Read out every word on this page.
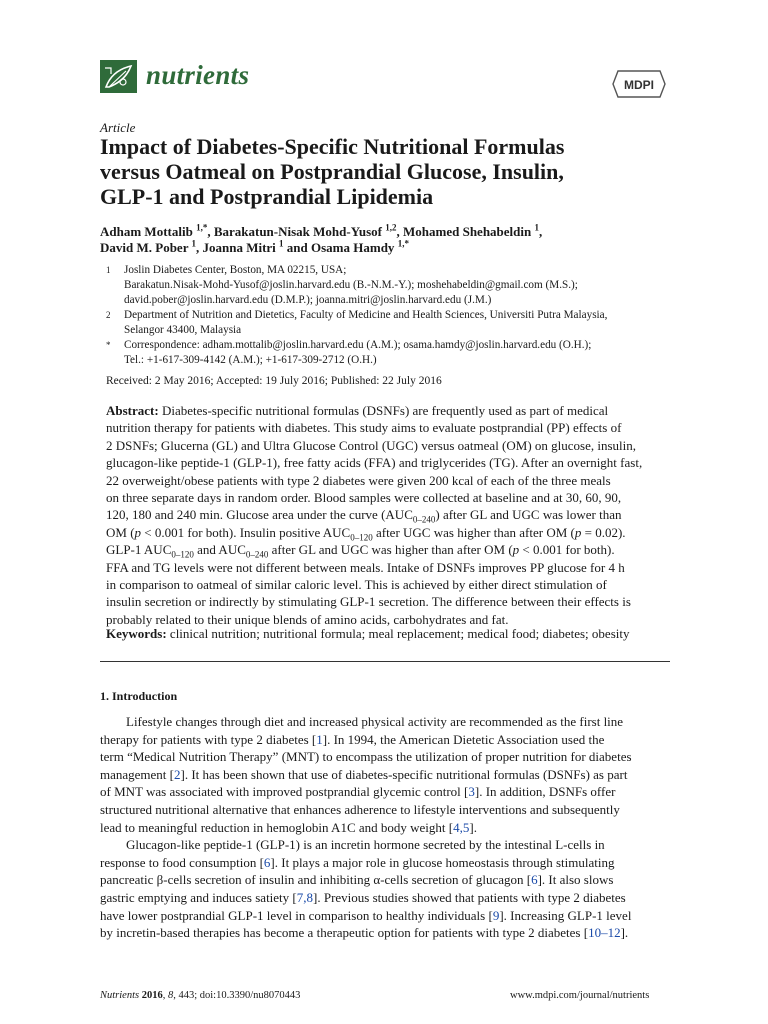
nutrients	MDPI
Article
Impact of Diabetes-Specific Nutritional Formulas
versus Oatmeal on Postprandial Glucose, Insulin,
GLP-1 and Postprandial Lipidemia
Adham Mottalib $^{1,*}$, Barakatun-Nisak Mohd-Yusof $^{1,2}$, Mohamed Shehabeldin $^1$,
David M. Pober $^1$, Joanna Mitri $^1$ and Osama Hamdy $^{1,*}$
1	Joslin Diabetes Center, Boston, MA 02215, USA;
Barakatun.Nisak-Mohd-Yusof@joslin.harvard.edu (B.-N.M.-Y.); moshehabeldin@gmail.com (M.S.);
david.pober@joslin.harvard.edu (D.M.P.); joanna.mitri@joslin.harvard.edu (J.M.)
2	Department of Nutrition and Dietetics, Faculty of Medicine and Health Sciences, Universiti Putra Malaysia,
Selangor 43400, Malaysia
*	Correspondence: adham.mottalib@joslin.harvard.edu (A.M.); osama.hamdy@joslin.harvard.edu (O.H.);
Tel.: +1-617-309-4142 (A.M.); +1-617-309-2712 (O.H.)
Received: 2 May 2016; Accepted: 19 July 2016; Published: 22 July 2016
Abstract: Diabetes-specific nutritional formulas (DSNFs) are frequently used as part of medical
nutrition therapy for patients with diabetes. This study aims to evaluate postprandial (PP) effects of
2 DSNFs; Glucerna (GL) and Ultra Glucose Control (UGC) versus oatmeal (OM) on glucose, insulin,
glucagon-like peptide-1 (GLP-1), free fatty acids (FFA) and triglycerides (TG). After an overnight fast,
22 overweight/obese patients with type 2 diabetes were given 200 kcal of each of the three meals
on three separate days in random order. Blood samples were collected at baseline and at 30, 60, 90,
120, 180 and 240 min. Glucose area under the curve $(AUC_{0-240})$ after GL and UGC was lower than
OM (p < 0.001 for both). Insulin positive $AUC_{0-120}$ after UGC was higher than after OM (p = 0.02).
GLP-1 $AUC_{0-120}$ and $AUC_{0-240}$ after GL and UGC was higher than after OM (p < 0.001 for both).
FFA and TG levels were not different between meals. Intake of DSNFs improves PP glucose for 4 h
in comparison to oatmeal of similar caloric level. This is achieved by either direct stimulation of
insulin secretion or indirectly by stimulating GLP-1 secretion. The difference between their effects is
probably related to their unique blends of amino acids, carbohydrates and fat.
Keywords: clinical nutrition; nutritional formula; meal replacement; medical food; diabetes; obesity
1. Introduction
Lifestyle changes through diet and increased physical activity are recommended as the first line
therapy for patients with type 2 diabetes [1]. In 1994, the American Dietetic Association used the
term “Medical Nutrition Therapy” (MNT) to encompass the utilization of proper nutrition for diabetes
management [2]. It has been shown that use of diabetes-specific nutritional formulas (DSNFs) as part
of MNT was associated with improved postprandial glycemic control [3]. In addition, DSNFs offer
structured nutritional alternative that enhances adherence to lifestyle interventions and subsequently
lead to meaningful reduction in hemoglobin A1C and body weight [4,5].
Glucagon-like peptide-1 (GLP-1) is an incretin hormone secreted by the intestinal L-cells in
response to food consumption [6]. It plays a major role in glucose homeostasis through stimulating
pancreatic β-cells secretion of insulin and inhibiting α-cells secretion of glucagon [6]. It also slows
gastric emptying and induces satiety [7,8]. Previous studies showed that patients with type 2 diabetes
have lower postprandial GLP-1 level in comparison to healthy individuals [9]. Increasing GLP-1 level
by incretin-based therapies has become a therapeutic option for patients with type 2 diabetes [10–12].
Nutrients 2016, 8, 443; doi:10.3390/nu8070443	www.mdpi.com/journal/nutrients
